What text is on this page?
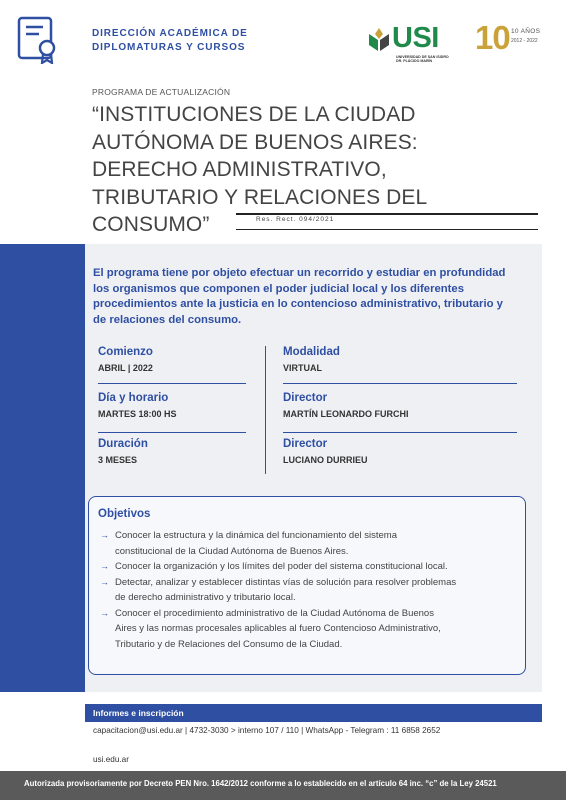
DIRECCIÓN ACADÉMICA DE
DIPLOMATURAS Y CURSOS	USI
UNIVERSIDAD DE SAN ISIDRO
DR. PLÁCIDO MARÍN
10 10 AÑOS
2012 - 2022
PROGRAMA DE ACTUALIZACIÓN
“INSTITUCIONES DE LA CIUDAD
AUTÓNOMA DE BUENOS AIRES:
DERECHO ADMINISTRATIVO,
TRIBUTARIO Y RELACIONES DEL
CONSUMO”	Res. Rect. 094/2021
El programa tiene por objeto efectuar un recorrido y estudiar en profundidad los organismos que componen el poder judicial local y los diferentes procedimientos ante la justicia en lo contencioso administrativo, tributario y de relaciones del consumo.
Comienzo
ABRIL | 2022
Día y horario
MARTES 18:00 HS
Duración
3 MESES
Modalidad
VIRTUAL
Director
MARTÍN LEONARDO FURCHI
Director
LUCIANO DURRIEU
Objetivos
→ Conocer la estructura y la dinámica del funcionamiento del sistema
constitucional de la Ciudad Autónoma de Buenos Aires.
→ Conocer la organización y los límites del poder del sistema constitucional local.
→ Detectar, analizar y establecer distintas vías de solución para resolver problemas
de derecho administrativo y tributario local.
→ Conocer el procedimiento administrativo de la Ciudad Autónoma de Buenos
Aires y las normas procesales aplicables al fuero Contencioso Administrativo,
Tributario y de Relaciones del Consumo de la Ciudad.
Informes e inscripción
capacitacion@usi.edu.ar | 4732-3030 > interno 107 / 110 | WhatsApp - Telegram : 11 6858 2652
usi.edu.ar
Autorizada provisoriamente por Decreto PEN Nro. 1642/2012 conforme a lo establecido en el artículo 64 inc. “c” de la Ley 24521
